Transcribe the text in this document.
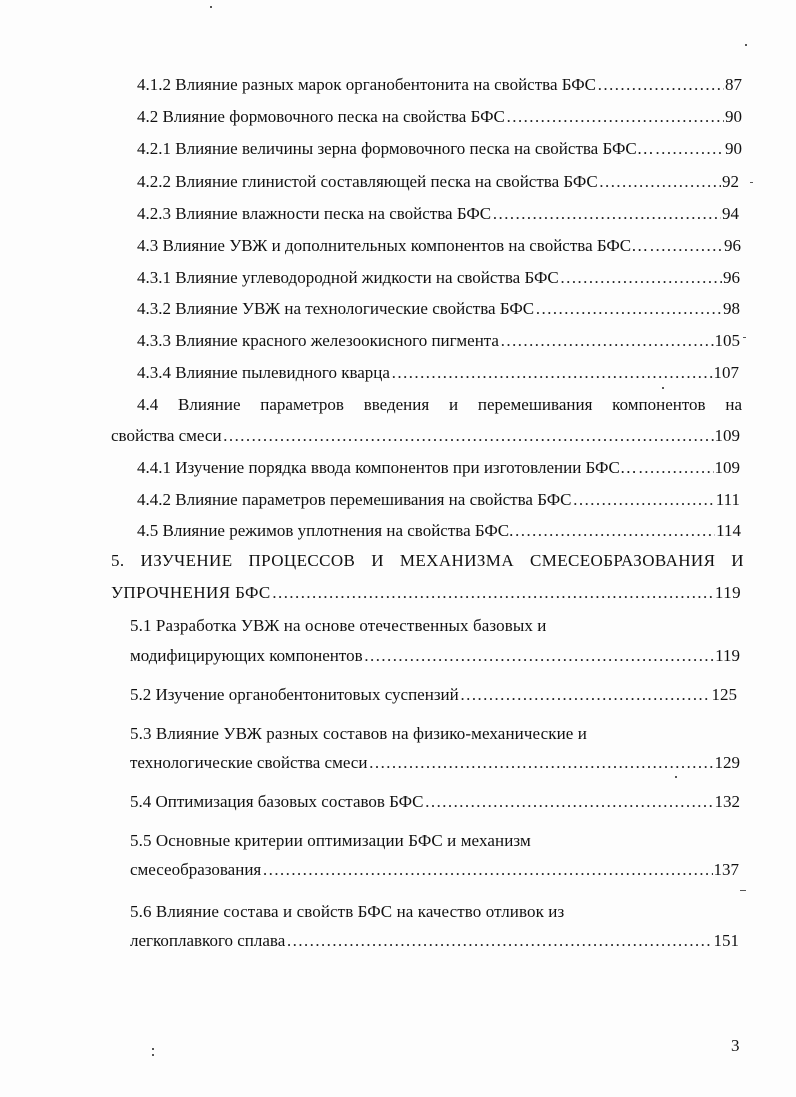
4.1.2 Влияние разных марок органобентонита на свойства БФС ………………………………………………………………………………………………………………………………………………………	87
4.2 Влияние формовочного песка на свойства БФС ………………………………………………………………………………………………………………………………………………………	90
4.2.1 Влияние величины зерна формовочного песка на свойства БФС… ………………………………………………………………………………………………………………………………………………………	90
4.2.2 Влияние глинистой составляющей песка на свойства БФС ………………………………………………………………………………………………………………………………………………………	92
4.2.3 Влияние влажности песка на свойства БФС ………………………………………………………………………………………………………………………………………………………	94
4.3 Влияние УВЖ и дополнительных компонентов на свойства БФС… ………………………………………………………………………………………………………………………………………………………	96
4.3.1 Влияние углеводородной жидкости на свойства БФС ………………………………………………………………………………………………………………………………………………………	96
4.3.2 Влияние УВЖ на технологические свойства БФС ………………………………………………………………………………………………………………………………………………………	98
4.3.3 Влияние красного железоокисного пигмента ………………………………………………………………………………………………………………………………………………………	105
4.3.4 Влияние пылевидного кварца ………………………………………………………………………………………………………………………………………………………	107
4.4 Влияние параметров введения и перемешивания компонентов на
свойства смеси ………………………………………………………………………………………………………………………………………………………	109
4.4.1 Изучение порядка ввода компонентов при изготовлении БФС… ………………………………………………………………………………………………………………………………………………………	109
4.4.2 Влияние параметров перемешивания на свойства БФС ………………………………………………………………………………………………………………………………………………………	111
4.5 Влияние режимов уплотнения на свойства БФС. ………………………………………………………………………………………………………………………………………………………	114
5. ИЗУЧЕНИЕ ПРОЦЕССОВ И МЕХАНИЗМА СМЕСЕОБРАЗОВАНИЯ И
УПРОЧНЕНИЯ БФС ………………………………………………………………………………………………………………………………………………………	119
5.1 Разработка УВЖ на основе отечественных базовых и
модифицирующих компонентов ………………………………………………………………………………………………………………………………………………………	119
5.2 Изучение органобентонитовых суспензий ………………………………………………………………………………………………………………………………………………………	125
5.3 Влияние УВЖ разных составов на физико-механические и
технологические свойства смеси ………………………………………………………………………………………………………………………………………………………	129
5.4 Оптимизация базовых составов БФС ………………………………………………………………………………………………………………………………………………………	132
5.5 Основные критерии оптимизации БФС и механизм
смесеобразования ………………………………………………………………………………………………………………………………………………………	137
5.6 Влияние состава и свойств БФС на качество отливок из
легкоплавкого сплава ………………………………………………………………………………………………………………………………………………………	151
3
